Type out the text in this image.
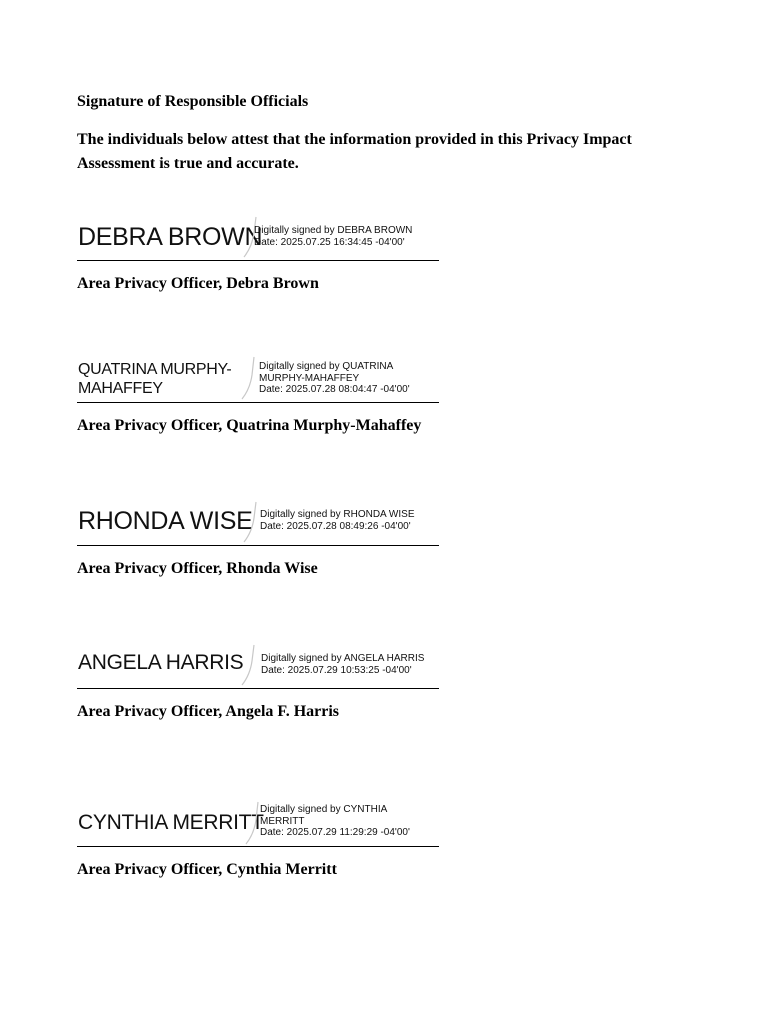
Signature of Responsible Officials
The individuals below attest that the information provided in this Privacy Impact Assessment is true and accurate.
DEBRA BROWN
Digitally signed by DEBRA BROWN
Date: 2025.07.25 16:34:45 -04'00'
Area Privacy Officer, Debra Brown
QUATRINA MURPHY-MAHAFFEY
Digitally signed by QUATRINA MURPHY-MAHAFFEY
Date: 2025.07.28 08:04:47 -04'00'
Area Privacy Officer, Quatrina Murphy-Mahaffey
RHONDA WISE Digitally signed by RHONDA WISE
Date: 2025.07.28 08:49:26 -04'00'
Area Privacy Officer, Rhonda Wise
ANGELA HARRIS Digitally signed by ANGELA HARRIS
Date: 2025.07.29 10:53:25 -04'00'
Area Privacy Officer, Angela F. Harris
CYNTHIA MERRITT
Digitally signed by CYNTHIA MERRITT
Date: 2025.07.29 11:29:29 -04'00'
Area Privacy Officer, Cynthia Merritt
